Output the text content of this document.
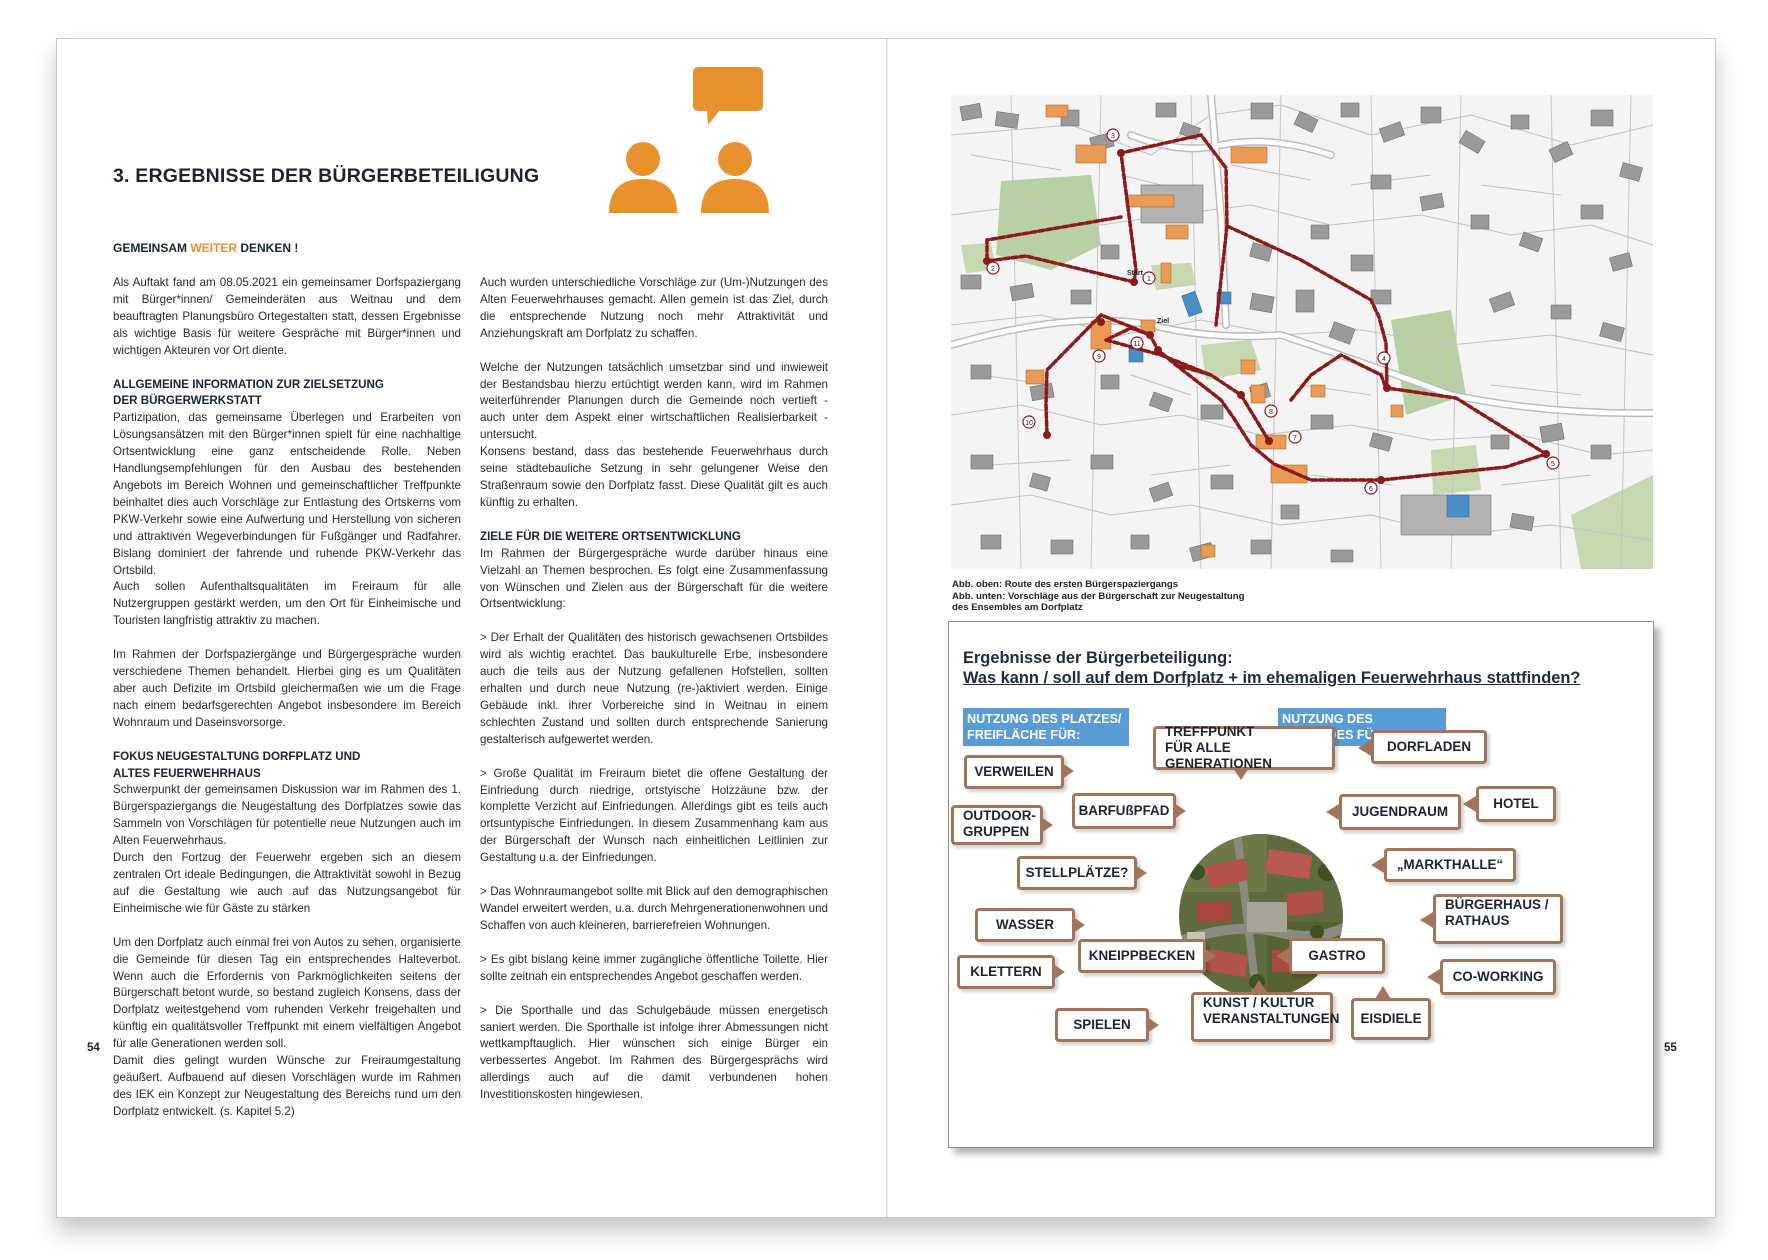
3. ERGEBNISSE DER BÜRGERBETEILIGUNG
GEMEINSAM WEITER DENKEN !

Als Auftakt fand am 08.05.2021 ein gemeinsamer Dorfspaziergang mit Bürger*innen/ Gemeinderäten aus Weitnau und dem beauftragten Planungsbüro Ortegestalten statt, dessen Ergebnisse als wichtige Basis für weitere Gespräche mit Bürger*innen und wichtigen Akteuren vor Ort diente.

ALLGEMEINE INFORMATION ZUR ZIELSETZUNG
DER BÜRGERWERKSTATT

Partizipation, das gemeinsame Überlegen und Erarbeiten von Lösungsansätzen mit den Bürger*innen spielt für eine nachhaltige Ortsentwicklung eine ganz entscheidende Rolle. Neben Handlungsempfehlungen für den Ausbau des bestehenden Angebots im Bereich Wohnen und gemeinschaftlicher Treffpunkte beinhaltet dies auch Vorschläge zur Entlastung des Ortskerns vom PKW-Verkehr sowie eine Aufwertung und Herstellung von sicheren und attraktiven Wegeverbindungen für Fußgänger und Radfahrer. Bislang dominiert der fahrende und ruhende PKW-Verkehr das Ortsbild.

Auch sollen Aufenthaltsqualitäten im Freiraum für alle Nutzergruppen gestärkt werden, um den Ort für Einheimische und Touristen langfristig attraktiv zu machen.

Im Rahmen der Dorfspaziergänge und Bürgergespräche wurden verschiedene Themen behandelt. Hierbei ging es um Qualitäten aber auch Defizite im Ortsbild gleichermaßen wie um die Frage nach einem bedarfsgerechten Angebot insbesondere im Bereich Wohnraum und Daseinsvorsorge.

FOKUS NEUGESTALTUNG DORFPLATZ UND
ALTES FEUERWEHRHAUS

Schwerpunkt der gemeinsamen Diskussion war im Rahmen des 1. Bürgerspaziergangs die Neugestaltung des Dorfplatzes sowie das Sammeln von Vorschlägen für potentielle neue Nutzungen auch im Alten Feuerwehrhaus.

Durch den Fortzug der Feuerwehr ergeben sich an diesem zentralen Ort ideale Bedingungen, die Attraktivität sowohl in Bezug auf die Gestaltung wie auch auf das Nutzungsangebot für Einheimische wie für Gäste zu stärken

Um den Dorfplatz auch einmal frei von Autos zu sehen, organisierte die Gemeinde für diesen Tag ein entsprechendes Halteverbot. Wenn auch die Erfordernis von Parkmöglichkeiten seitens der Bürgerschaft betont wurde, so bestand zugleich Konsens, dass der Dorfplatz weitestgehend vom ruhenden Verkehr freigehalten und künftig ein qualitätsvoller Treffpunkt mit einem vielfältigen Angebot für alle Generationen werden soll.

Damit dies gelingt wurden Wünsche zur Freiraumgestaltung geäußert. Aufbauend auf diesen Vorschlägen wurde im Rahmen des IEK ein Konzept zur Neugestaltung des Bereichs rund um den Dorfplatz entwickelt. (s. Kapitel 5.2)

Auch wurden unterschiedliche Vorschläge zur (Um-)Nutzungen des Alten Feuerwehrhauses gemacht. Allen gemein ist das Ziel, durch die entsprechende Nutzung noch mehr Attraktivität und Anziehungskraft am Dorfplatz zu schaffen.

Welche der Nutzungen tatsächlich umsetzbar sind und inwieweit der Bestandsbau hierzu ertüchtigt werden kann, wird im Rahmen weiterführender Planungen durch die Gemeinde noch vertieft - auch unter dem Aspekt einer wirtschaftlichen Realisierbarkeit - untersucht.

Konsens bestand, dass das bestehende Feuerwehrhaus durch seine städtebauliche Setzung in sehr gelungener Weise den Straßenraum sowie den Dorfplatz fasst. Diese Qualität gilt es auch künftig zu erhalten.

ZIELE FÜR DIE WEITERE ORTSENTWICKLUNG

Im Rahmen der Bürgergespräche wurde darüber hinaus eine Vielzahl an Themen besprochen. Es folgt eine Zusammenfassung von Wünschen und Zielen aus der Bürgerschaft für die weitere Ortsentwicklung:

> Der Erhalt der Qualitäten des historisch gewachsenen Ortsbildes wird als wichtig erachtet. Das baukulturelle Erbe, insbesondere auch die teils aus der Nutzung gefallenen Hofstellen, sollten erhalten und durch neue Nutzung (re-)aktiviert werden. Einige Gebäude inkl. ihrer Vorbereiche sind in Weitnau in einem schlechten Zustand und sollten durch entsprechende Sanierung gestalterisch aufgewertet werden.

> Große Qualität im Freiraum bietet die offene Gestaltung der Einfriedung durch niedrige, ortstyische Holzzäune bzw. der komplette Verzicht auf Einfriedungen. Allerdings gibt es teils auch ortsuntypische Einfriedungen. In diesem Zusammenhang kam aus der Bürgerschaft der Wunsch nach einheitlichen Leitlinien zur Gestaltung u.a. der Einfriedungen.

> Das Wohnraumangebot sollte mit Blick auf den demographischen Wandel erweitert werden, u.a. durch Mehrgenerationenwohnen und Schaffen von auch kleineren, barrierefreien Wohnungen.

> Es gibt bislang keine immer zugängliche öffentliche Toilette. Hier sollte zeitnah ein entsprechendes Angebot geschaffen werden.

> Die Sporthalle und das Schulgebäude müssen energetisch saniert werden. Die Sporthalle ist infolge ihrer Abmessungen nicht wettkampftauglich. Hier wünschen sich einige Bürger ein verbessertes Angebot. Im Rahmen des Bürgergesprächs wird allerdings auch auf die damit verbundenen hohen Investitionskosten hingewiesen.

54
3
2
1
4
5
6
7
8
9
10
11
Start
Ziel
Abb. oben: Route des ersten Bürgerspaziergangs
Abb. unten: Vorschläge aus der Bürgerschaft zur Neugestaltung
des Ensembles am Dorfplatz
Ergebnisse der Bürgerbeteiligung:
Was kann / soll auf dem Dorfplatz + im ehemaligen Feuerwehrhaus stattfinden?
NUTZUNG DES PLATZES/
FREIFLÄCHE FÜR:
NUTZUNG DES
VERWEILEN
TREFFPUNKT
FÜR ALLE GENERATIONEN
DORFLADEN
OUTDOOR-
GRUPPEN
BARFUßPFAD	JUGENDRAUM
HOTEL
„MARKTHALLE“
STELLPLÄTZE?
BÜRGERHAUS /
RATHAUS
WASSER
KNEIPPBECKEN	GASTRO
KLETTERN	CO-WORKING
SPIELEN
KUNST / KULTUR
VERANSTALTUNGEN EISDIELE
55
